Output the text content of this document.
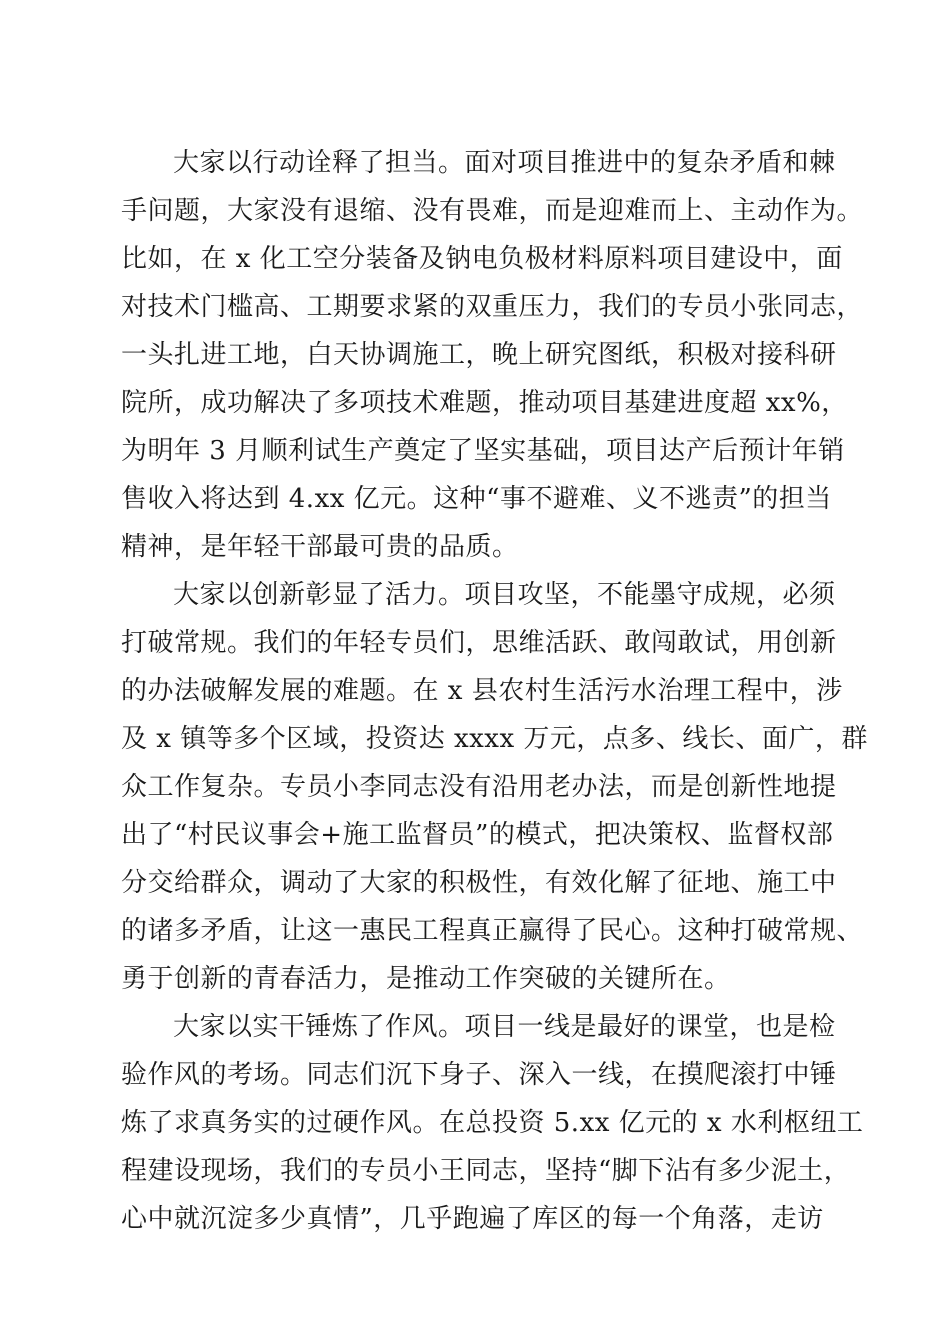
大家以行动诠释了担当。面对项目推进中的复杂矛盾和棘

手问题，大家没有退缩、没有畏难，而是迎难而上、主动作为。

比如，在 x 化工空分装备及钠电负极材料原料项目建设中，面

对技术门槛高、工期要求紧的双重压力，我们的专员小张同志，

一头扎进工地，白天协调施工，晚上研究图纸，积极对接科研

院所，成功解决了多项技术难题，推动项目基建进度超 xx%，

为明年 3 月顺利试生产奠定了坚实基础，项目达产后预计年销

售收入将达到 4.xx 亿元。这种“事不避难、义不逃责”的担当

精神，是年轻干部最可贵的品质。

大家以创新彰显了活力。项目攻坚，不能墨守成规，必须

打破常规。我们的年轻专员们，思维活跃、敢闯敢试，用创新

的办法破解发展的难题。在 x 县农村生活污水治理工程中，涉

及 x 镇等多个区域，投资达 xxxx 万元，点多、线长、面广，群

众工作复杂。专员小李同志没有沿用老办法，而是创新性地提

出了“村民议事会+施工监督员”的模式，把决策权、监督权部

分交给群众，调动了大家的积极性，有效化解了征地、施工中

的诸多矛盾，让这一惠民工程真正赢得了民心。这种打破常规、

勇于创新的青春活力，是推动工作突破的关键所在。

大家以实干锤炼了作风。项目一线是最好的课堂，也是检

验作风的考场。同志们沉下身子、深入一线，在摸爬滚打中锤

炼了求真务实的过硬作风。在总投资 5.xx 亿元的 x 水利枢纽工

程建设现场，我们的专员小王同志，坚持“脚下沾有多少泥土，

心中就沉淀多少真情”，几乎跑遍了库区的每一个角落，走访
